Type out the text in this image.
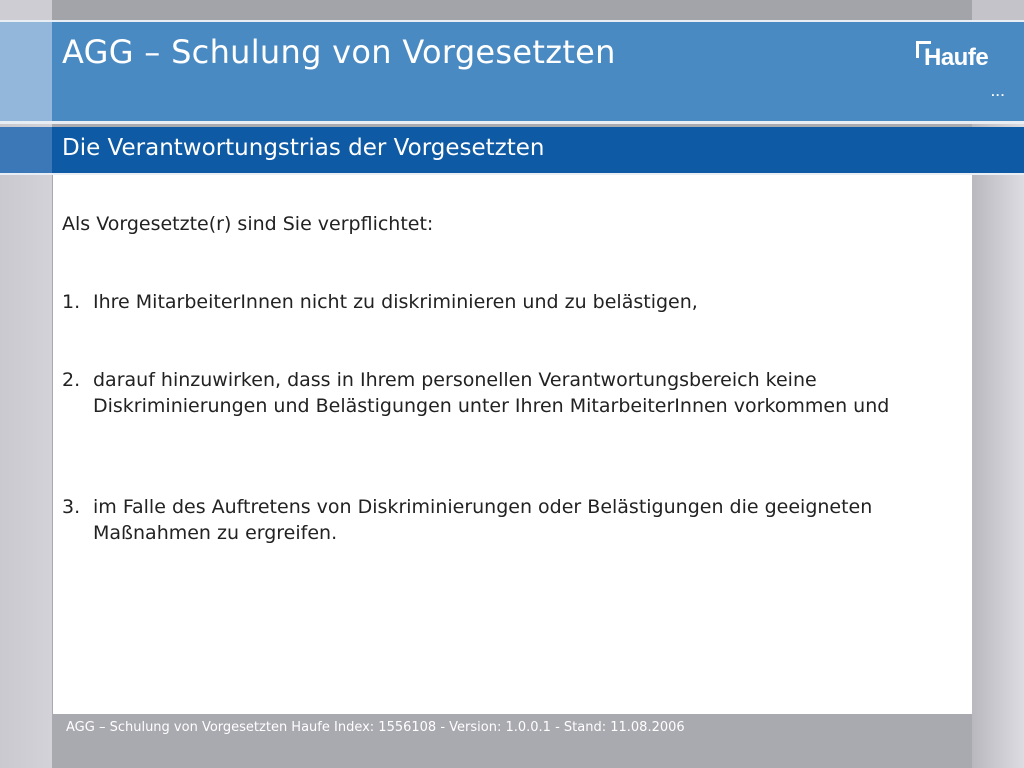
AGG – Schulung von Vorgesetzten	Haufe
...
Die Verantwortungstrias der Vorgesetzten
Als Vorgesetzte(r) sind Sie verpflichtet:
1. Ihre MitarbeiterInnen nicht zu diskriminieren und zu belästigen,
2. darauf hinzuwirken, dass in Ihrem personellen Verantwortungsbereich keine Diskriminierungen und Belästigungen unter Ihren MitarbeiterInnen vorkommen und
3. im Falle des Auftretens von Diskriminierungen oder Belästigungen die geeigneten Maßnahmen zu ergreifen.
AGG – Schulung von Vorgesetzten Haufe Index: 1556108 - Version: 1.0.0.1 - Stand: 11.08.2006
